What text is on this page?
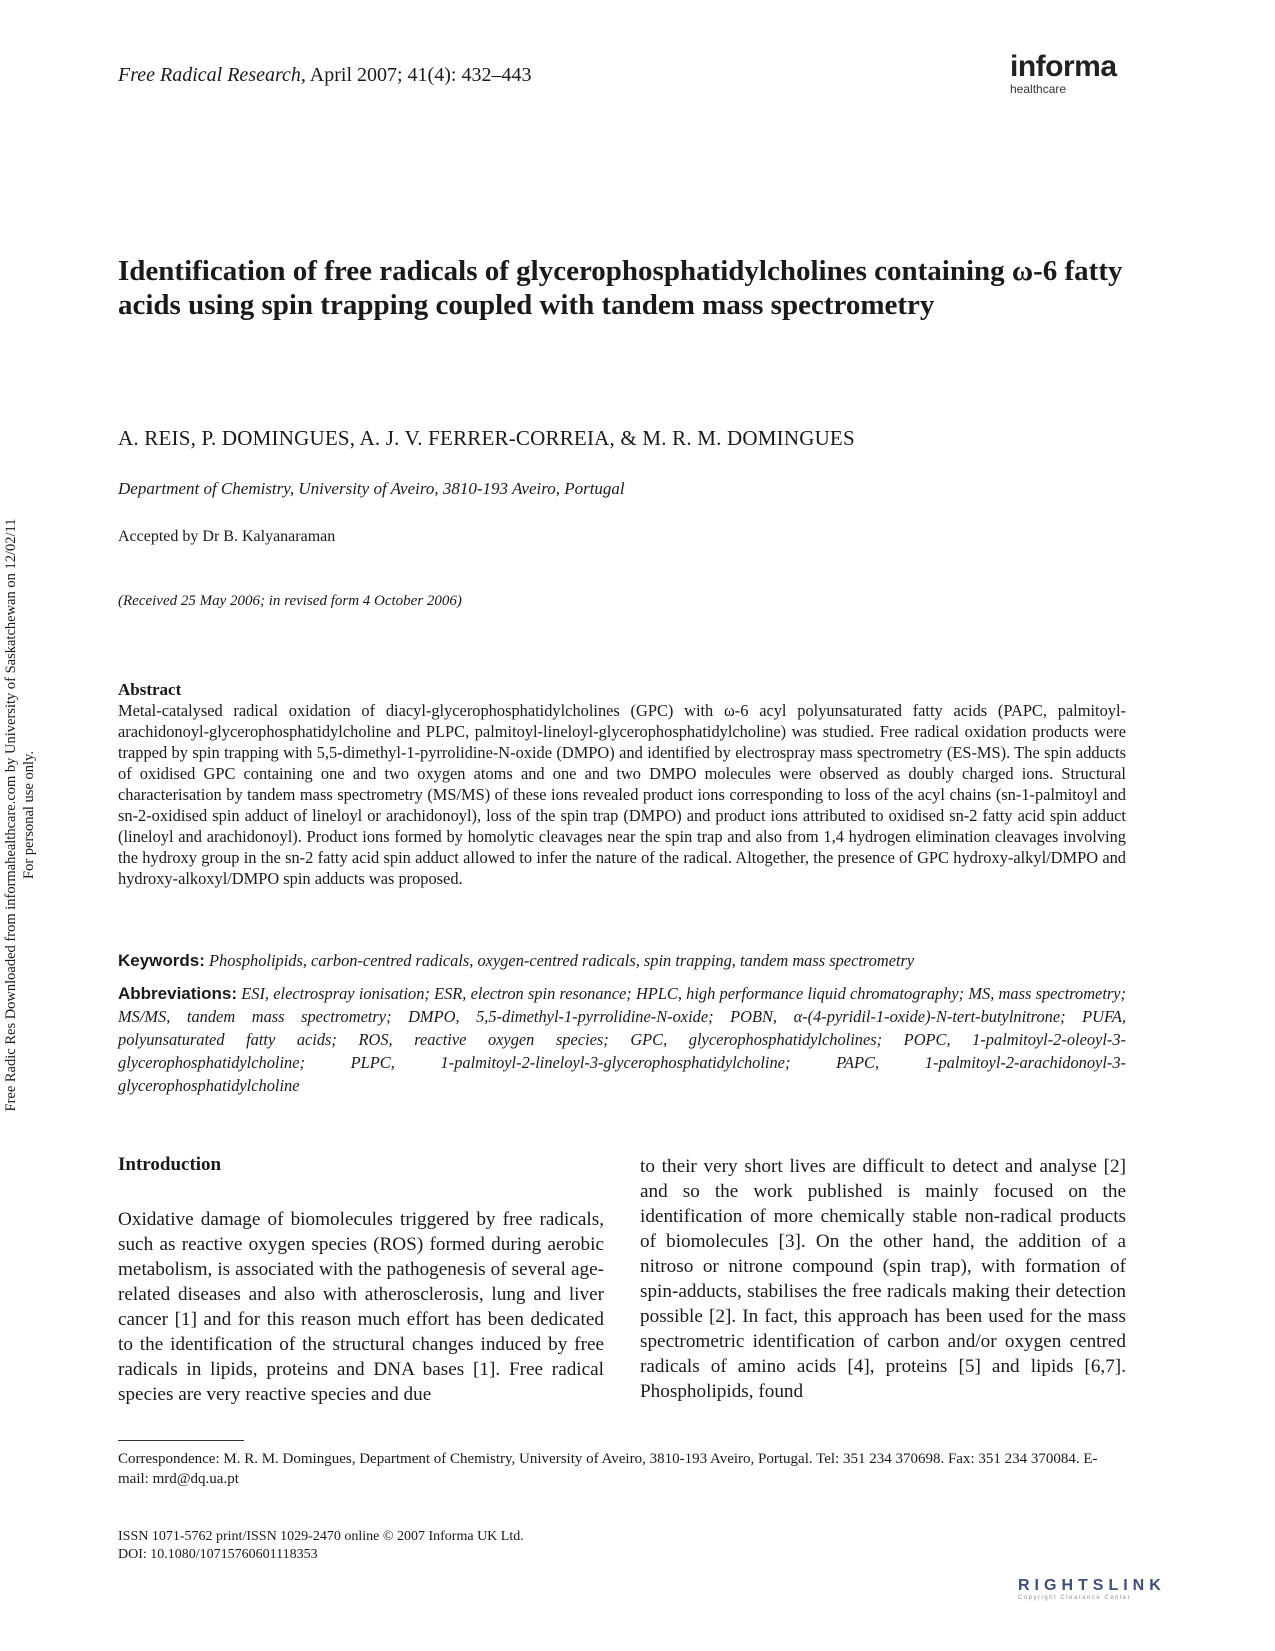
Free Radical Research, April 2007; 41(4): 432–443	informa
healthcare
Identification of free radicals of glycerophosphatidylcholines containing ω-6 fatty acids using spin trapping coupled with tandem mass spectrometry
A. REIS, P. DOMINGUES, A. J. V. FERRER-CORREIA, & M. R. M. DOMINGUES
Department of Chemistry, University of Aveiro, 3810-193 Aveiro, Portugal
Accepted by Dr B. Kalyanaraman
(Received 25 May 2006; in revised form 4 October 2006)
Abstract
Metal-catalysed radical oxidation of diacyl-glycerophosphatidylcholines (GPC) with ω-6 acyl polyunsaturated fatty acids (PAPC, palmitoyl-arachidonoyl-glycerophosphatidylcholine and PLPC, palmitoyl-lineloyl-glycerophosphatidylcholine) was studied. Free radical oxidation products were trapped by spin trapping with 5,5-dimethyl-1-pyrrolidine-N-oxide (DMPO) and identified by electrospray mass spectrometry (ES-MS). The spin adducts of oxidised GPC containing one and two oxygen atoms and one and two DMPO molecules were observed as doubly charged ions. Structural characterisation by tandem mass spectrometry (MS/MS) of these ions revealed product ions corresponding to loss of the acyl chains (sn-1-palmitoyl and sn-2-oxidised spin adduct of lineloyl or arachidonoyl), loss of the spin trap (DMPO) and product ions attributed to oxidised sn-2 fatty acid spin adduct (lineloyl and arachidonoyl). Product ions formed by homolytic cleavages near the spin trap and also from 1,4 hydrogen elimination cleavages involving the hydroxy group in the sn-2 fatty acid spin adduct allowed to infer the nature of the radical. Altogether, the presence of GPC hydroxy-alkyl/DMPO and hydroxy-alkoxyl/DMPO spin adducts was proposed.
Keywords: Phospholipids, carbon-centred radicals, oxygen-centred radicals, spin trapping, tandem mass spectrometry
Abbreviations: ESI, electrospray ionisation; ESR, electron spin resonance; HPLC, high performance liquid chromatography; MS, mass spectrometry; MS/MS, tandem mass spectrometry; DMPO, 5,5-dimethyl-1-pyrrolidine-N-oxide; POBN, α-(4-pyridil-1-oxide)-N-tert-butylnitrone; PUFA, polyunsaturated fatty acids; ROS, reactive oxygen species; GPC, glycerophosphatidylcholines; POPC, 1-palmitoyl-2-oleoyl-3-glycerophosphatidylcholine; PLPC, 1-palmitoyl-2-lineloyl-3-glycerophosphatidylcholine; PAPC, 1-palmitoyl-2-arachidonoyl-3-glycerophosphatidylcholine
Introduction
Oxidative damage of biomolecules triggered by free radicals, such as reactive oxygen species (ROS) formed during aerobic metabolism, is associated with the pathogenesis of several age-related diseases and also with atherosclerosis, lung and liver cancer [1] and for this reason much effort has been dedicated to the identification of the structural changes induced by free radicals in lipids, proteins and DNA bases [1]. Free radical species are very reactive species and due
to their very short lives are difficult to detect and analyse [2] and so the work published is mainly focused on the identification of more chemically stable non-radical products of biomolecules [3]. On the other hand, the addition of a nitroso or nitrone compound (spin trap), with formation of spin-adducts, stabilises the free radicals making their detection possible [2]. In fact, this approach has been used for the mass spectrometric identification of carbon and/or oxygen centred radicals of amino acids [4], proteins [5] and lipids [6,7]. Phospholipids, found
Correspondence: M. R. M. Domingues, Department of Chemistry, University of Aveiro, 3810-193 Aveiro, Portugal. Tel: 351 234 370698. Fax: 351 234 370084. E-mail: mrd@dq.ua.pt
ISSN 1071-5762 print/ISSN 1029-2470 online © 2007 Informa UK Ltd.
DOI: 10.1080/10715760601118353
Free Radic Res Downloaded from informahealthcare.com by University of Saskatchewan on 12/02/11 For personal use only.
RIGHTSLINK
Copyright Clearance Center
